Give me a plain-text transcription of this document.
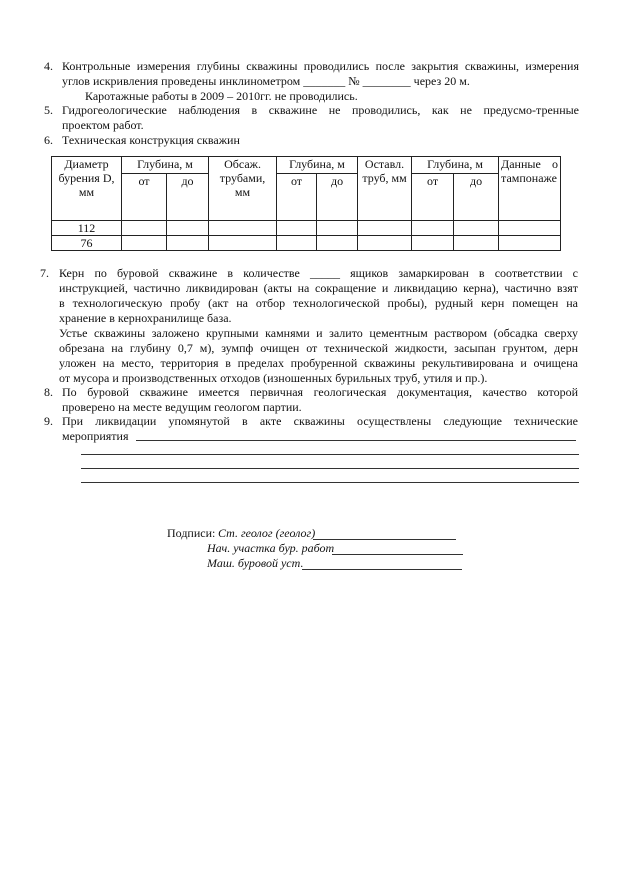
4. Контрольные измерения глубины скважины проводились после закрытия скважины, измерения
углов искривления проведены инклинометром _______ № ________ через 20 м.
Каротажные работы в 2009 – 2010гг. не проводились.
5. Гидрогеологические наблюдения в скважине не проводились, как не предусмо-тренные
проектом работ.
6. Техническая конструкция скважин
Диаметр бурения D, мм	Глубина, м		Обсаж. трубами, мм	Глубина, м		Оставл. труб, мм	Глубина, м		Данные о тампонаже
	от	до		от	до		от	до	
112									
76									
7. Керн по буровой скважине в количестве _____ ящиков замаркирован в соответствии с
инструкцией, частично ликвидирован (акты на сокращение и ликвидацию керна), частично взят
в технологическую пробу (акт на отбор технологической пробы), рудный керн помещен на
хранение в кернохранилище база.
Устье скважины заложено крупными камнями и залито цементным раствором (обсадка сверху
обрезана на глубину 0,7 м), зумпф очищен от технической жидкости, засыпан грунтом, дерн
уложен на место, территория в пределах пробуренной скважины рекультивирована и очищена
от мусора и производственных отходов (изношенных бурильных труб, утиля и пр.).
8. По буровой скважине имеется первичная геологическая документация, качество которой
проверено на месте ведущим геологом партии.
9. При ликвидации упомянутой в акте скважины осуществлены следующие технические
мероприятия
Подписи: Ст. геолог (геолог)
Нач. участка бур. работ
Маш. буровой уст.
